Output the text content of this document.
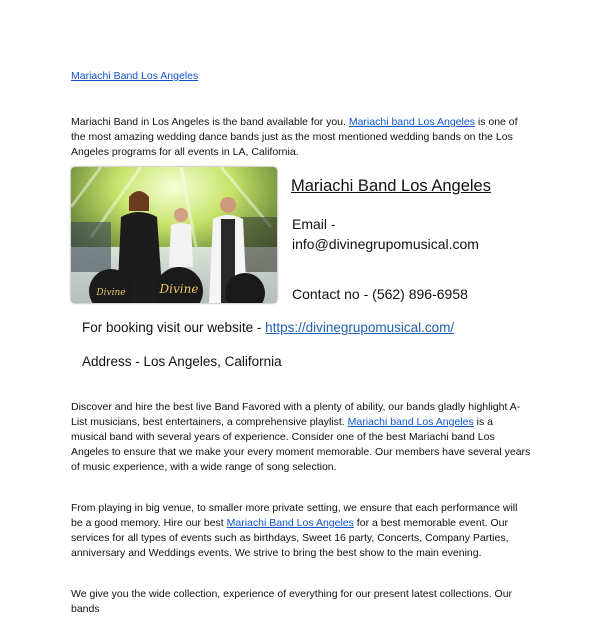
Mariachi Band Los Angeles

Mariachi Band in Los Angeles is the band available for you. Mariachi band Los Angeles is one of the most amazing wedding dance bands just as the most mentioned wedding bands on the Los Angeles programs for all events in LA, California.

Divine
Divine
Mariachi Band Los Angeles
Email -
info@divinegrupomusical.com
Contact no - (562) 896-6958
For booking visit our website - https://divinegrupomusical.com/
Address - Los Angeles, California

Discover and hire the best live Band Favored with a plenty of ability, our bands gladly highlight A-List musicians, best entertainers, a comprehensive playlist. Mariachi band Los Angeles is a musical band with several years of experience. Consider one of the best Mariachi band Los Angeles to ensure that we make your every moment memorable. Our members have several years of music experience, with a wide range of song selection.

From playing in big venue, to smaller more private setting, we ensure that each performance will be a good memory. Hire our best Mariachi Band Los Angeles for a best memorable event. Our services for all types of events such as birthdays, Sweet 16 party, Concerts, Company Parties, anniversary and Weddings events. We strive to bring the best show to the main evening.

We give you the wide collection, experience of everything for our present latest collections. Our bands
